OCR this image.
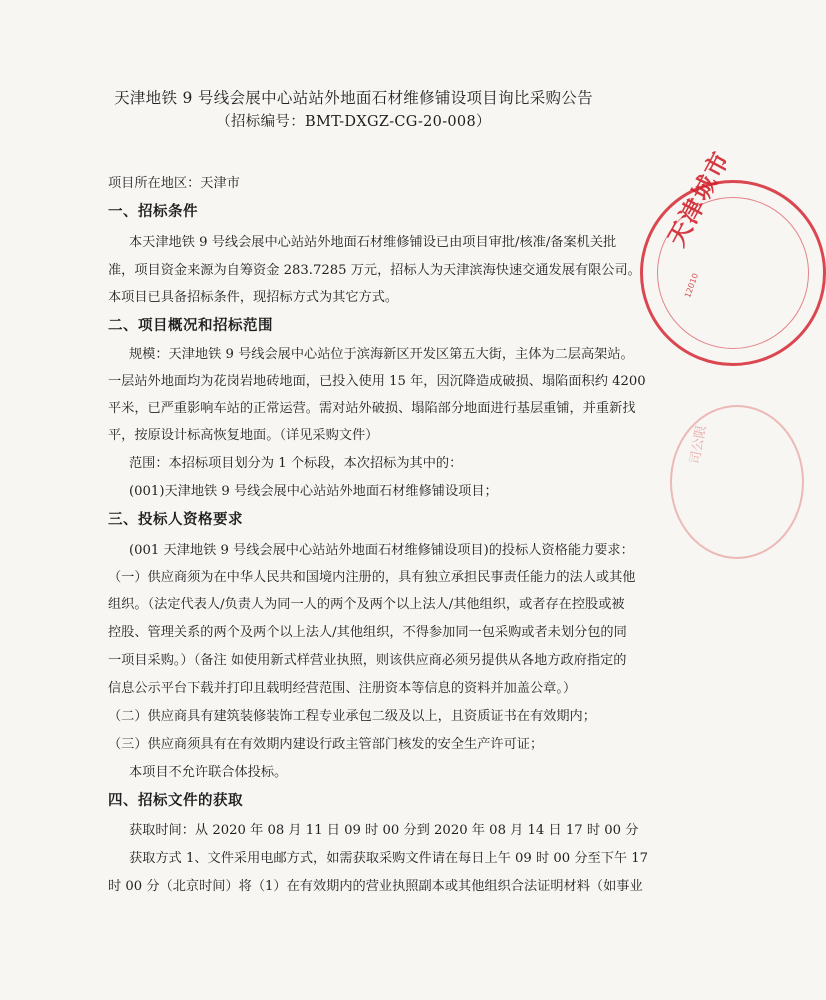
天津地铁 9 号线会展中心站站外地面石材维修铺设项目询比采购公告
（招标编号：BMT-DXGZ-CG-20-008）
项目所在地区：天津市
一、招标条件
本天津地铁 9 号线会展中心站站外地面石材维修铺设已由项目审批/核准/备案机关批
准，项目资金来源为自筹资金 283.7285 万元，招标人为天津滨海快速交通发展有限公司。
本项目已具备招标条件，现招标方式为其它方式。
二、项目概况和招标范围
规模：天津地铁 9 号线会展中心站位于滨海新区开发区第五大街，主体为二层高架站。
一层站外地面均为花岗岩地砖地面，已投入使用 15 年，因沉降造成破损、塌陷面积约 4200
平米，已严重影响车站的正常运营。需对站外破损、塌陷部分地面进行基层重铺，并重新找
平，按原设计标高恢复地面。（详见采购文件）
范围：本招标项目划分为 1 个标段，本次招标为其中的：
(001)天津地铁 9 号线会展中心站站外地面石材维修铺设项目；
三、投标人资格要求
(001 天津地铁 9 号线会展中心站站外地面石材维修铺设项目)的投标人资格能力要求：
（一）供应商须为在中华人民共和国境内注册的，具有独立承担民事责任能力的法人或其他
组织。（法定代表人/负责人为同一人的两个及两个以上法人/其他组织，或者存在控股或被
控股、管理关系的两个及两个以上法人/其他组织，不得参加同一包采购或者未划分包的同
一项目采购。）（备注 如使用新式样营业执照，则该供应商必须另提供从各地方政府指定的
信息公示平台下载并打印且载明经营范围、注册资本等信息的资料并加盖公章。）
（二）供应商具有建筑装修装饰工程专业承包二级及以上，且资质证书在有效期内；
（三）供应商须具有在有效期内建设行政主管部门核发的安全生产许可证；
本项目不允许联合体投标。
四、招标文件的获取
获取时间：从 2020 年 08 月 11 日 09 时 00 分到 2020 年 08 月 14 日 17 时 00 分
获取方式 1、文件采用电邮方式，如需获取采购文件请在每日上午 09 时 00 分至下午 17
时 00 分（北京时间）将（1）在有效期内的营业执照副本或其他组织合法证明材料（如事业
天津城市
12010
司公限
